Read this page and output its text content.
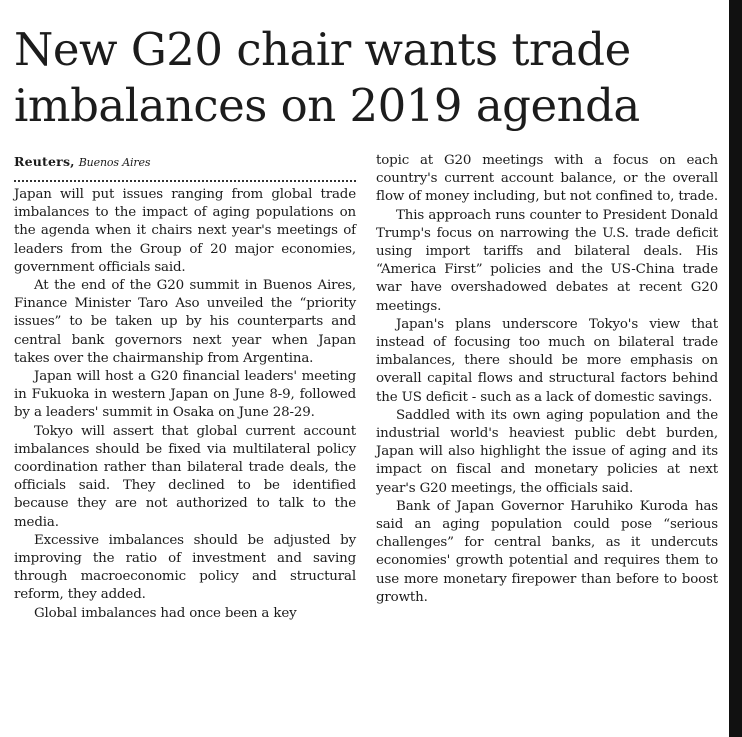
New G20 chair wants trade imbalances on 2019 agenda
Reuters, Buenos Aires

Japan will put issues ranging from global trade imbalances to the impact of aging populations on the agenda when it chairs next year's meetings of leaders from the Group of 20 major economies, government officials said.

At the end of the G20 summit in Buenos Aires, Finance Minister Taro Aso unveiled the “priority issues” to be taken up by his counterparts and central bank governors next year when Japan takes over the chairmanship from Argentina.

Japan will host a G20 financial leaders' meeting in Fukuoka in western Japan on June 8-9, followed by a leaders' summit in Osaka on June 28-29.

Tokyo will assert that global current account imbalances should be fixed via multilateral policy coordination rather than bilateral trade deals, the officials said. They declined to be identified because they are not authorized to talk to the media.

Excessive imbalances should be adjusted by improving the ratio of investment and saving through macroeconomic policy and structural reform, they added.

Global imbalances had once been a key

topic at G20 meetings with a focus on each country's current account balance, or the overall flow of money including, but not confined to, trade.

This approach runs counter to President Donald Trump's focus on narrowing the U.S. trade deficit using import tariffs and bilateral deals. His “America First” policies and the US-China trade war have overshadowed debates at recent G20 meetings.

Japan's plans underscore Tokyo's view that instead of focusing too much on bilateral trade imbalances, there should be more emphasis on overall capital flows and structural factors behind the US deficit - such as a lack of domestic savings.

Saddled with its own aging population and the industrial world's heaviest public debt burden, Japan will also highlight the issue of aging and its impact on fiscal and monetary policies at next year's G20 meetings, the officials said.

Bank of Japan Governor Haruhiko Kuroda has said an aging population could pose “serious challenges” for central banks, as it undercuts economies' growth potential and requires them to use more monetary firepower than before to boost growth.
